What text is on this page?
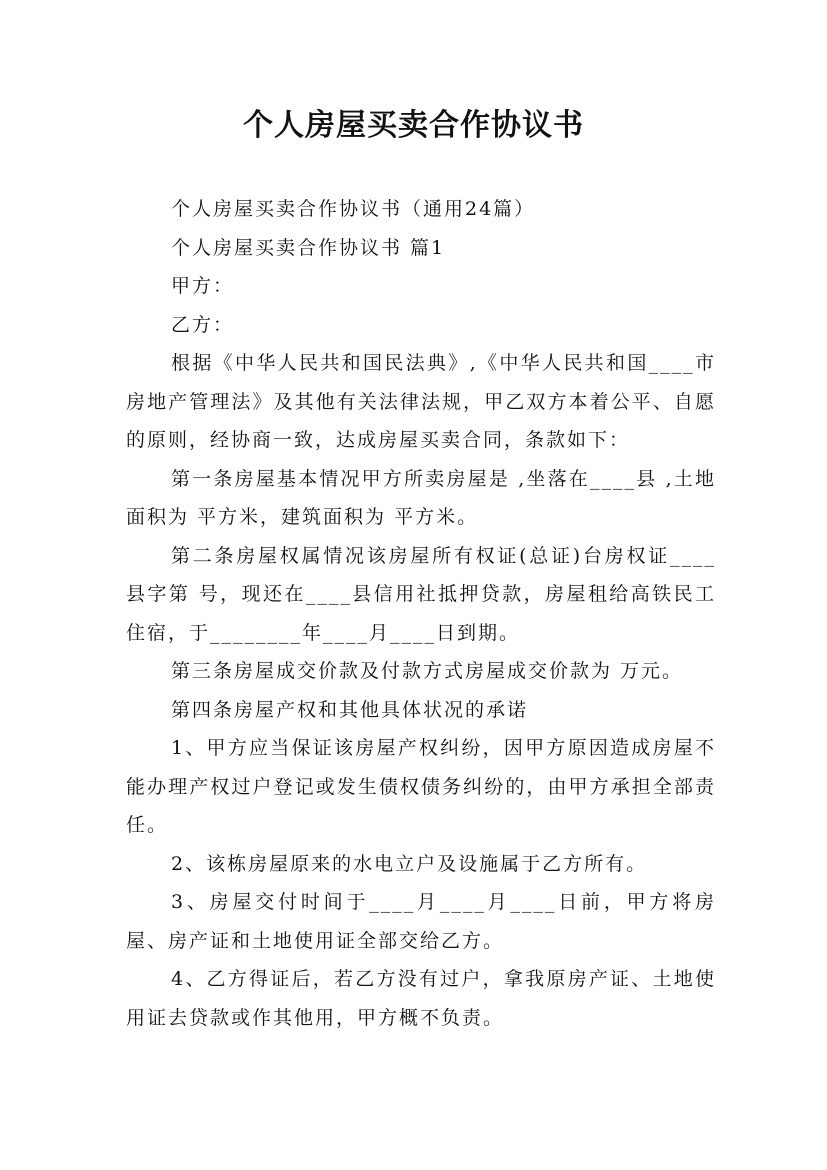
个人房屋买卖合作协议书

个人房屋买卖合作协议书（通用24篇）

个人房屋买卖合作协议书 篇1

甲方：

乙方：

根据《中华人民共和国民法典》,《中华人民共和国____市房地产管理法》及其他有关法律法规，甲乙双方本着公平、自愿的原则，经协商一致，达成房屋买卖合同，条款如下：

第一条房屋基本情况甲方所卖房屋是 ,坐落在____县 ,土地面积为 平方米，建筑面积为 平方米。

第二条房屋权属情况该房屋所有权证(总证)台房权证____县字第 号，现还在____县信用社抵押贷款，房屋租给高铁民工住宿，于________年____月____日到期。

第三条房屋成交价款及付款方式房屋成交价款为 万元。

第四条房屋产权和其他具体状况的承诺

1、甲方应当保证该房屋产权纠纷，因甲方原因造成房屋不能办理产权过户登记或发生债权债务纠纷的，由甲方承担全部责任。

2、该栋房屋原来的水电立户及设施属于乙方所有。

3、房屋交付时间于____月____月____日前，甲方将房屋、房产证和土地使用证全部交给乙方。

4、乙方得证后，若乙方没有过户，拿我原房产证、土地使用证去贷款或作其他用，甲方概不负责。
